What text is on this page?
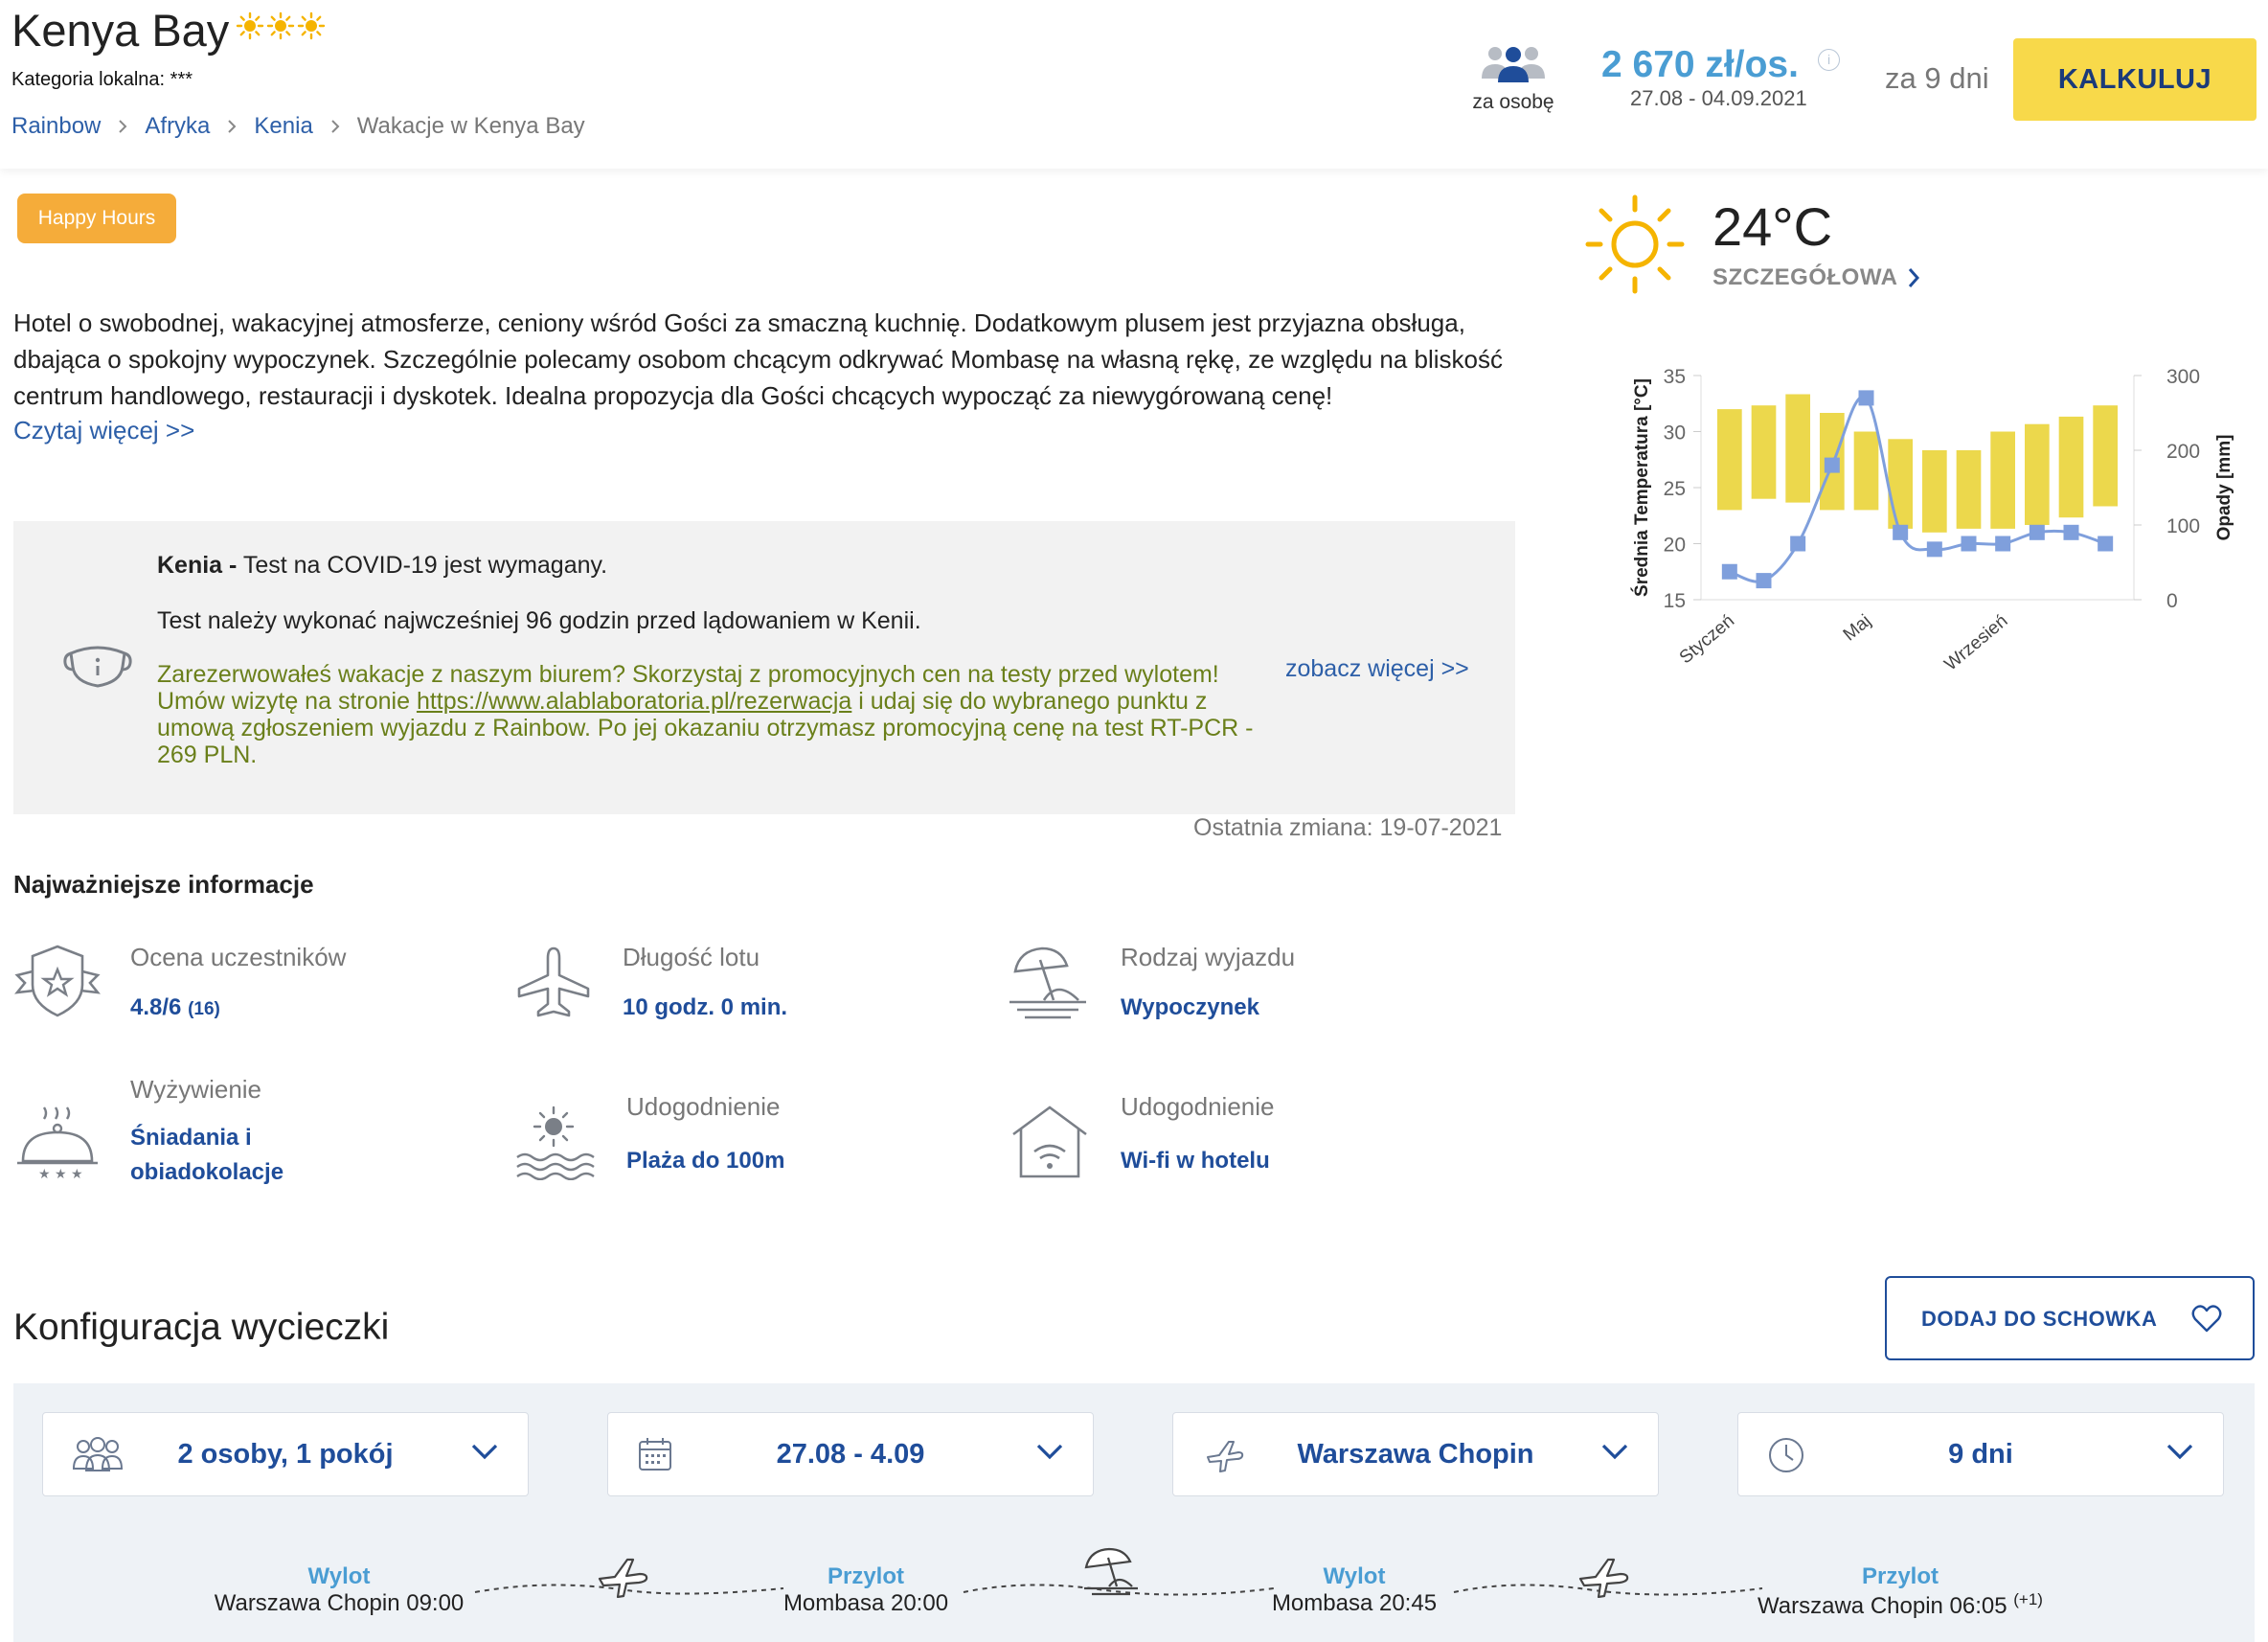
Kenya Bay
Kategoria lokalna: ***
Rainbow Afryka Kenia Wakacje w Kenya Bay
za osobę
2 670 zł/os.	i
27.08 - 04.09.2021
za 9 dni	KALKULUJ
Happy Hours
Hotel o swobodnej, wakacyjnej atmosferze, ceniony wśród Gości za smaczną kuchnię. Dodatkowym plusem jest przyjazna obsługa, dbająca o spokojny wypoczynek. Szczególnie polecamy osobom chcącym odkrywać Mombasę na własną rękę, ze względu na bliskość centrum handlowego, restauracji i dyskotek. Idealna propozycja dla Gości chcących wypocząć za niewygórowaną cenę!
Czytaj więcej >>
Kenia - Test na COVID-19 jest wymagany.
Test należy wykonać najwcześniej 96 godzin przed lądowaniem w Kenii.
Zarezerwowałeś wakacje z naszym biurem? Skorzystaj z promocyjnych cen na testy przed wylotem! Umów wizytę na stronie https://www.alablaboratoria.pl/rezerwacja i udaj się do wybranego punktu z umową zgłoszeniem wyjazdu z Rainbow. Po jej okazaniu otrzymasz promocyjną cenę na test RT-PCR - 269 PLN.
zobacz więcej >>
Ostatnia zmiana: 19-07-2021
Najważniejsze informacje
Ocena uczestników
4.8/6 (16)
Długość lotu
10 godz. 0 min.
Rodzaj wyjazdu
Wypoczynek
★ ★ ★
Wyżywienie
Śniadania i obiadokolacje
Udogodnienie
Plaża do 100m
Udogodnienie
Wi-fi w hotelu
24°C
SZCZEGÓŁOWA
15
20
25
30
35
0
100
200
300
Średnia Temperatura [°C]	Opady [mm]
Styczeń	Maj	Wrzesień
Konfiguracja wycieczki	DODAJ DO SCHOWKA
2 osoby, 1 pokój	27.08 - 4.09	Warszawa Chopin	9 dni
Wylot
Warszawa Chopin 09:00
Przylot
Mombasa 20:00
Wylot
Mombasa 20:45
Przylot
Warszawa Chopin 06:05 $^{(+1)}$
